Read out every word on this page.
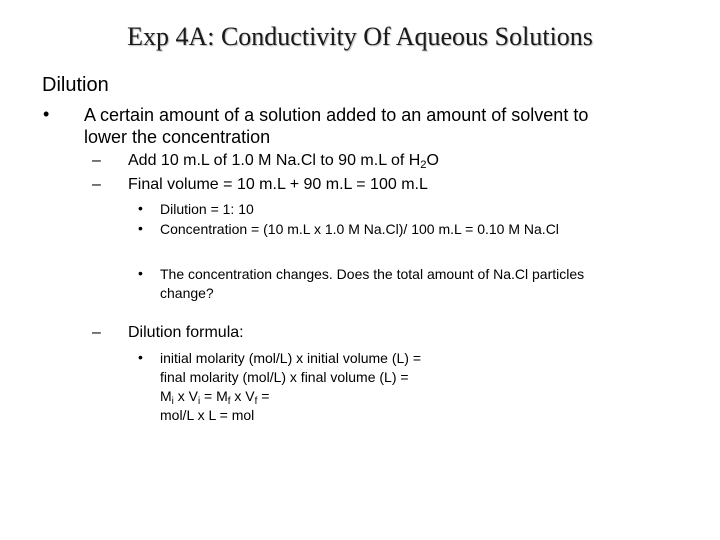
Exp 4A: Conductivity Of Aqueous Solutions
Dilution
• A certain amount of a solution added to an amount of solvent to
lower the concentration
– Add 10 m.L of 1.0 M Na.Cl to 90 m.L of $H_2O$
– Final volume = 10 m.L + 90 m.L = 100 m.L
• Dilution = 1: 10
• Concentration = (10 m.L x 1.0 M Na.Cl)/ 100 m.L = 0.10 M Na.Cl
• The concentration changes. Does the total amount of Na.Cl particles
change?
– Dilution formula:
• initial molarity (mol/L) x initial volume (L) =
final molarity (mol/L) x final volume (L) =
$M_i$ x $V_i = M_f$ x $V_f$ =
mol/L x L = mol
